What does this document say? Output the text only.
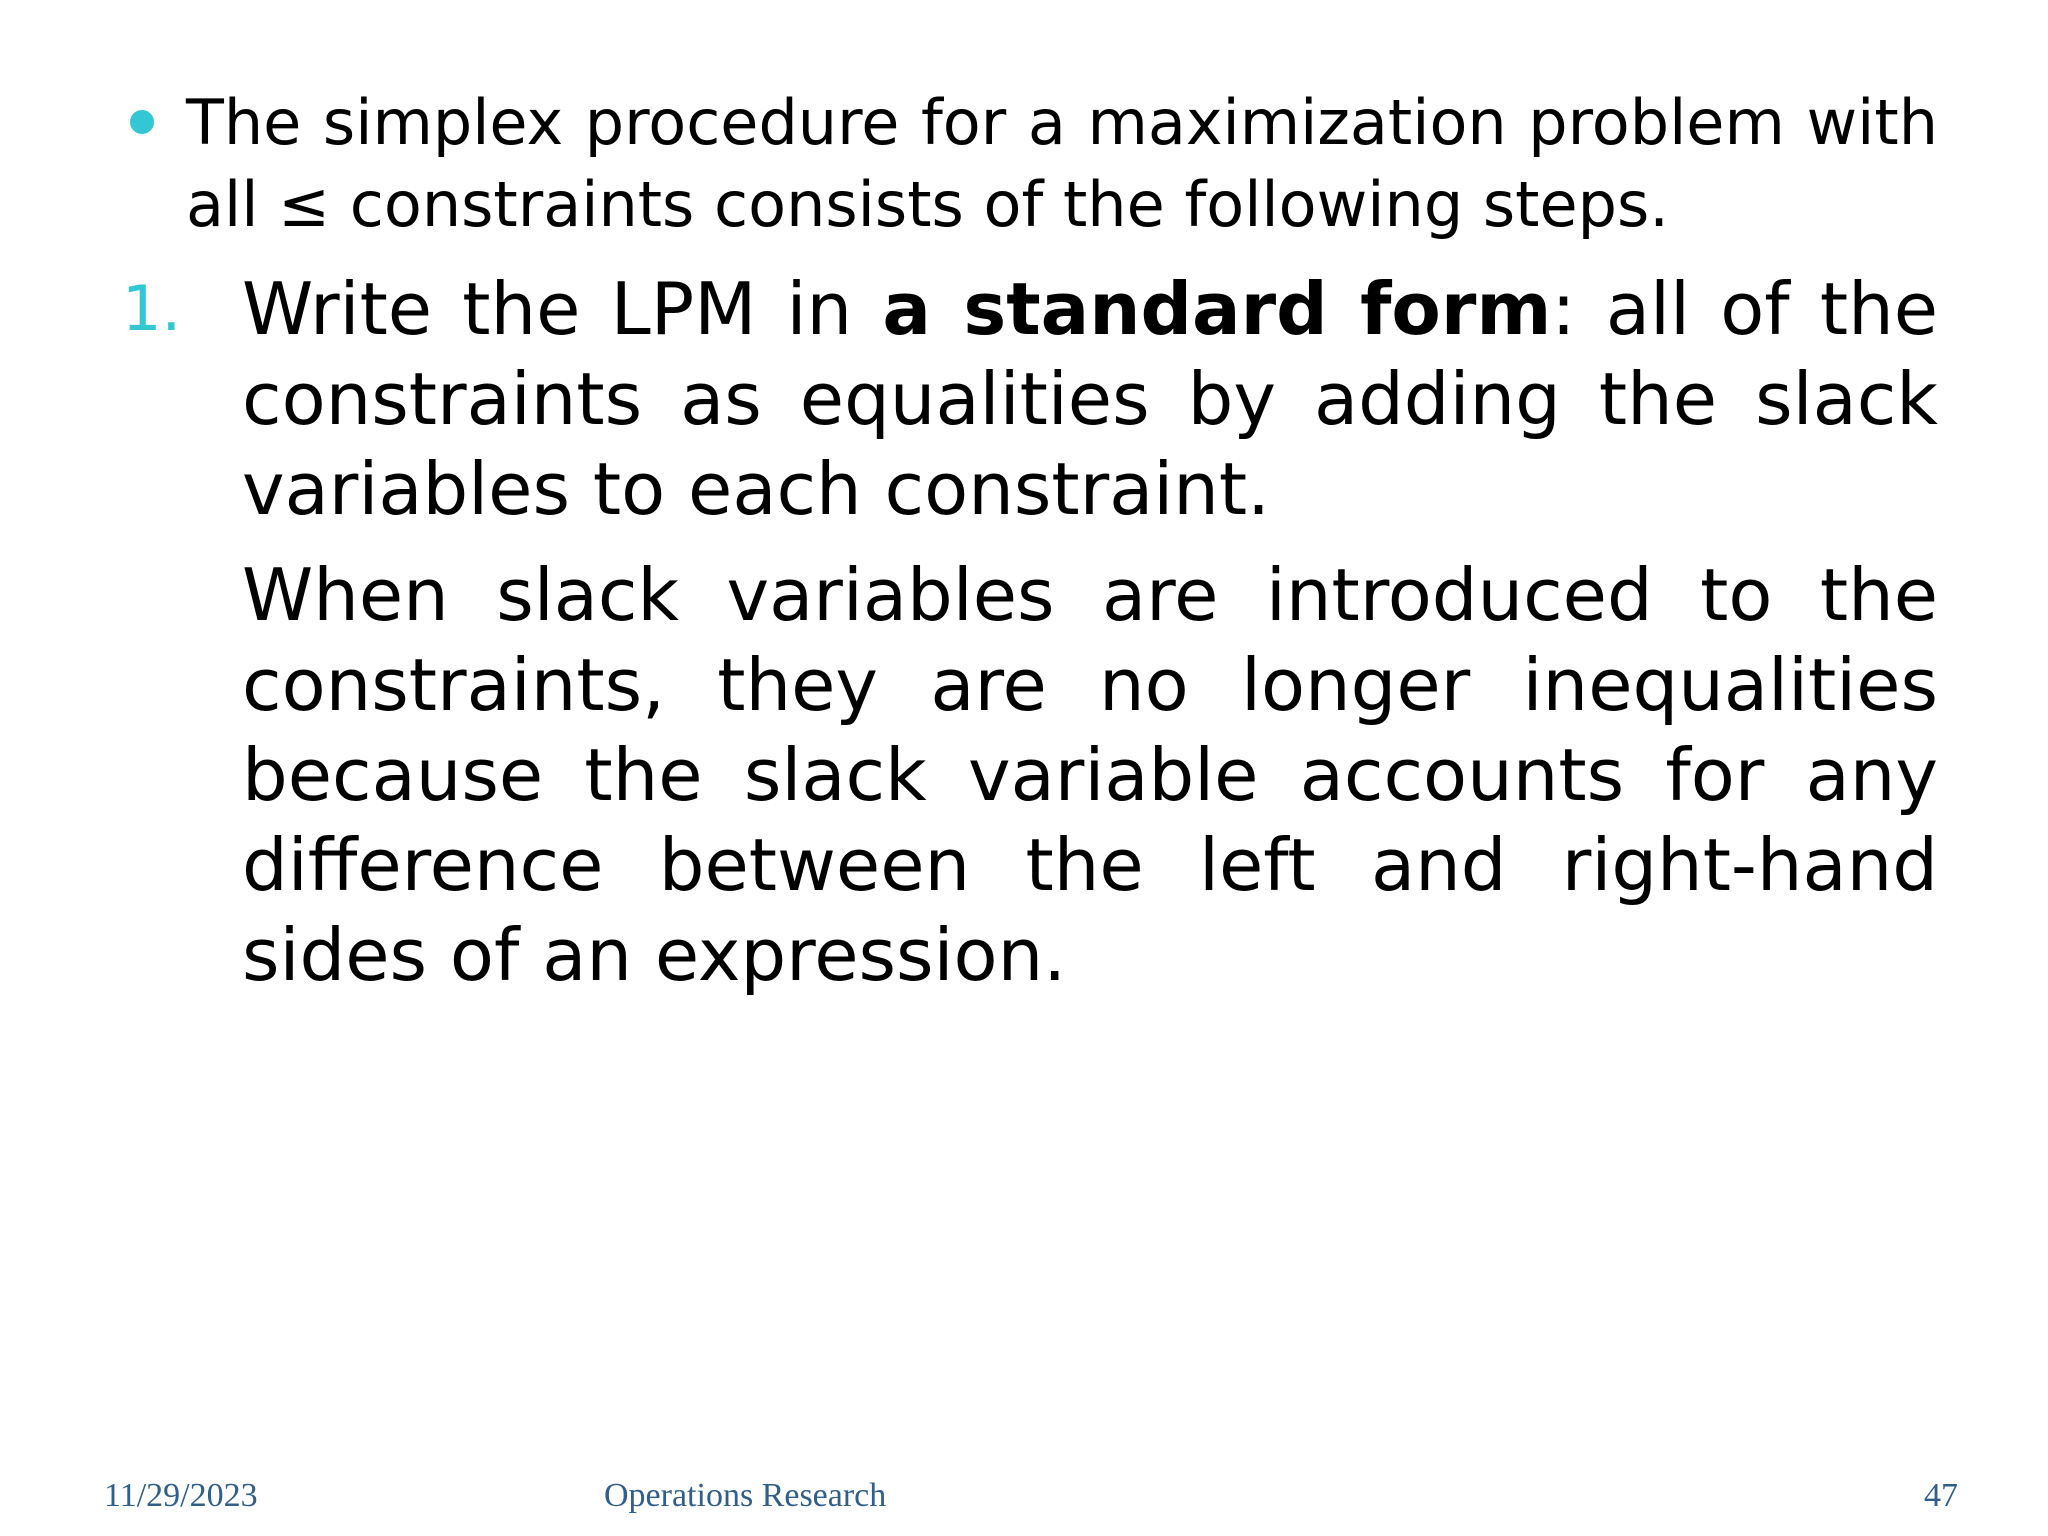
The simplex procedure for a maximization problem with all ≤ constraints consists of the following steps.
1. Write the LPM in a standard form: all of the constraints as equalities by adding the slack variables to each constraint.
When slack variables are introduced to the constraints, they are no longer inequalities because the slack variable accounts for any difference between the left and right-hand sides of an expression.
11/29/2023	Operations Research	47
